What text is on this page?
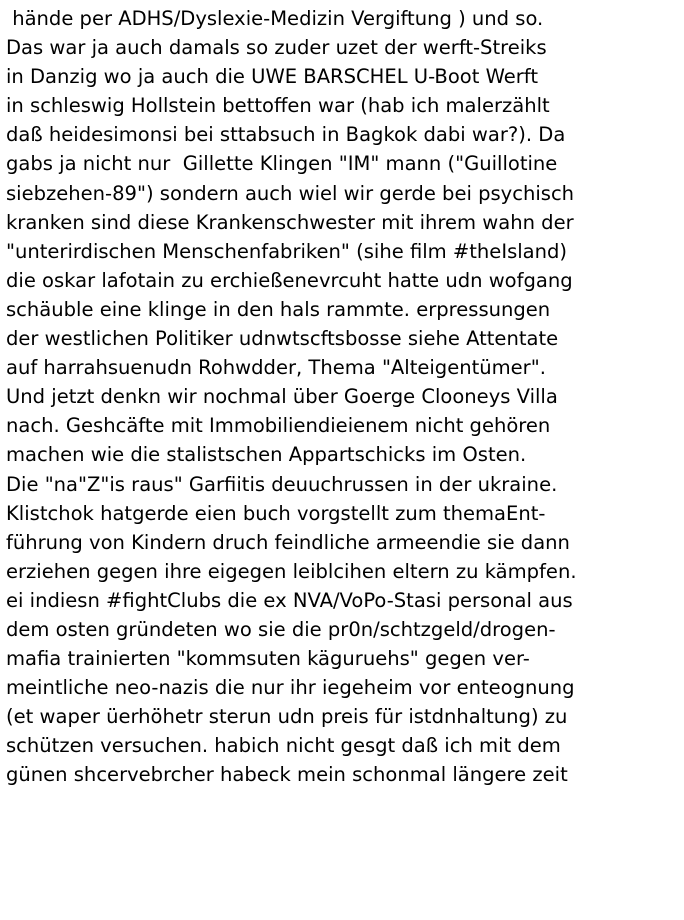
hände per ADHS/Dyslexie-Medizin Vergiftung ) und so.
Das war ja auch damals so zuder uzet der werft-Streiks
in Danzig wo ja auch die UWE BARSCHEL U-Boot Werft
in schleswig Hollstein bettoffen war (hab ich malerzählt
daß heidesimonsi bei sttabsuch in Bagkok dabi war?). Da
gabs ja nicht nur  Gillette Klingen "IM" mann ("Guillotine
siebzehen-89") sondern auch wiel wir gerde bei psychisch
kranken sind diese Krankenschwester mit ihrem wahn der
"unterirdischen Menschenfabriken" (sihe film #theIsland)
die oskar lafotain zu erchießenevrcuht hatte udn wofgang
schäuble eine klinge in den hals rammte. erpressungen
der westlichen Politiker udnwtscftsbosse siehe Attentate
auf harrahsuenudn Rohwdder, Thema "Alteigentümer".
Und jetzt denkn wir nochmal über Goerge Clooneys Villa
nach. Geshcäfte mit Immobiliendieienem nicht gehören
machen wie die stalistschen Appartschicks im Osten.
Die "na"Z"is raus" Garfiitis deuuchrussen in der ukraine.
Klistchok hatgerde eien buch vorgstellt zum themaEnt-
führung von Kindern druch feindliche armeendie sie dann
erziehen gegen ihre eigegen leiblcihen eltern zu kämpfen.
ei indiesn #fightClubs die ex NVA/VoPo-Stasi personal aus
dem osten gründeten wo sie die pr0n/schtzgeld/drogen-
mafia trainierten "kommsuten käguruehs" gegen ver-
meintliche neo-nazis die nur ihr iegeheim vor enteognung
(et waper üerhöhetr sterun udn preis für istdnhaltung) zu
schützen versuchen. habich nicht gesgt daß ich mit dem
günen shcervebrcher habeck mein schonmal längere zeit
